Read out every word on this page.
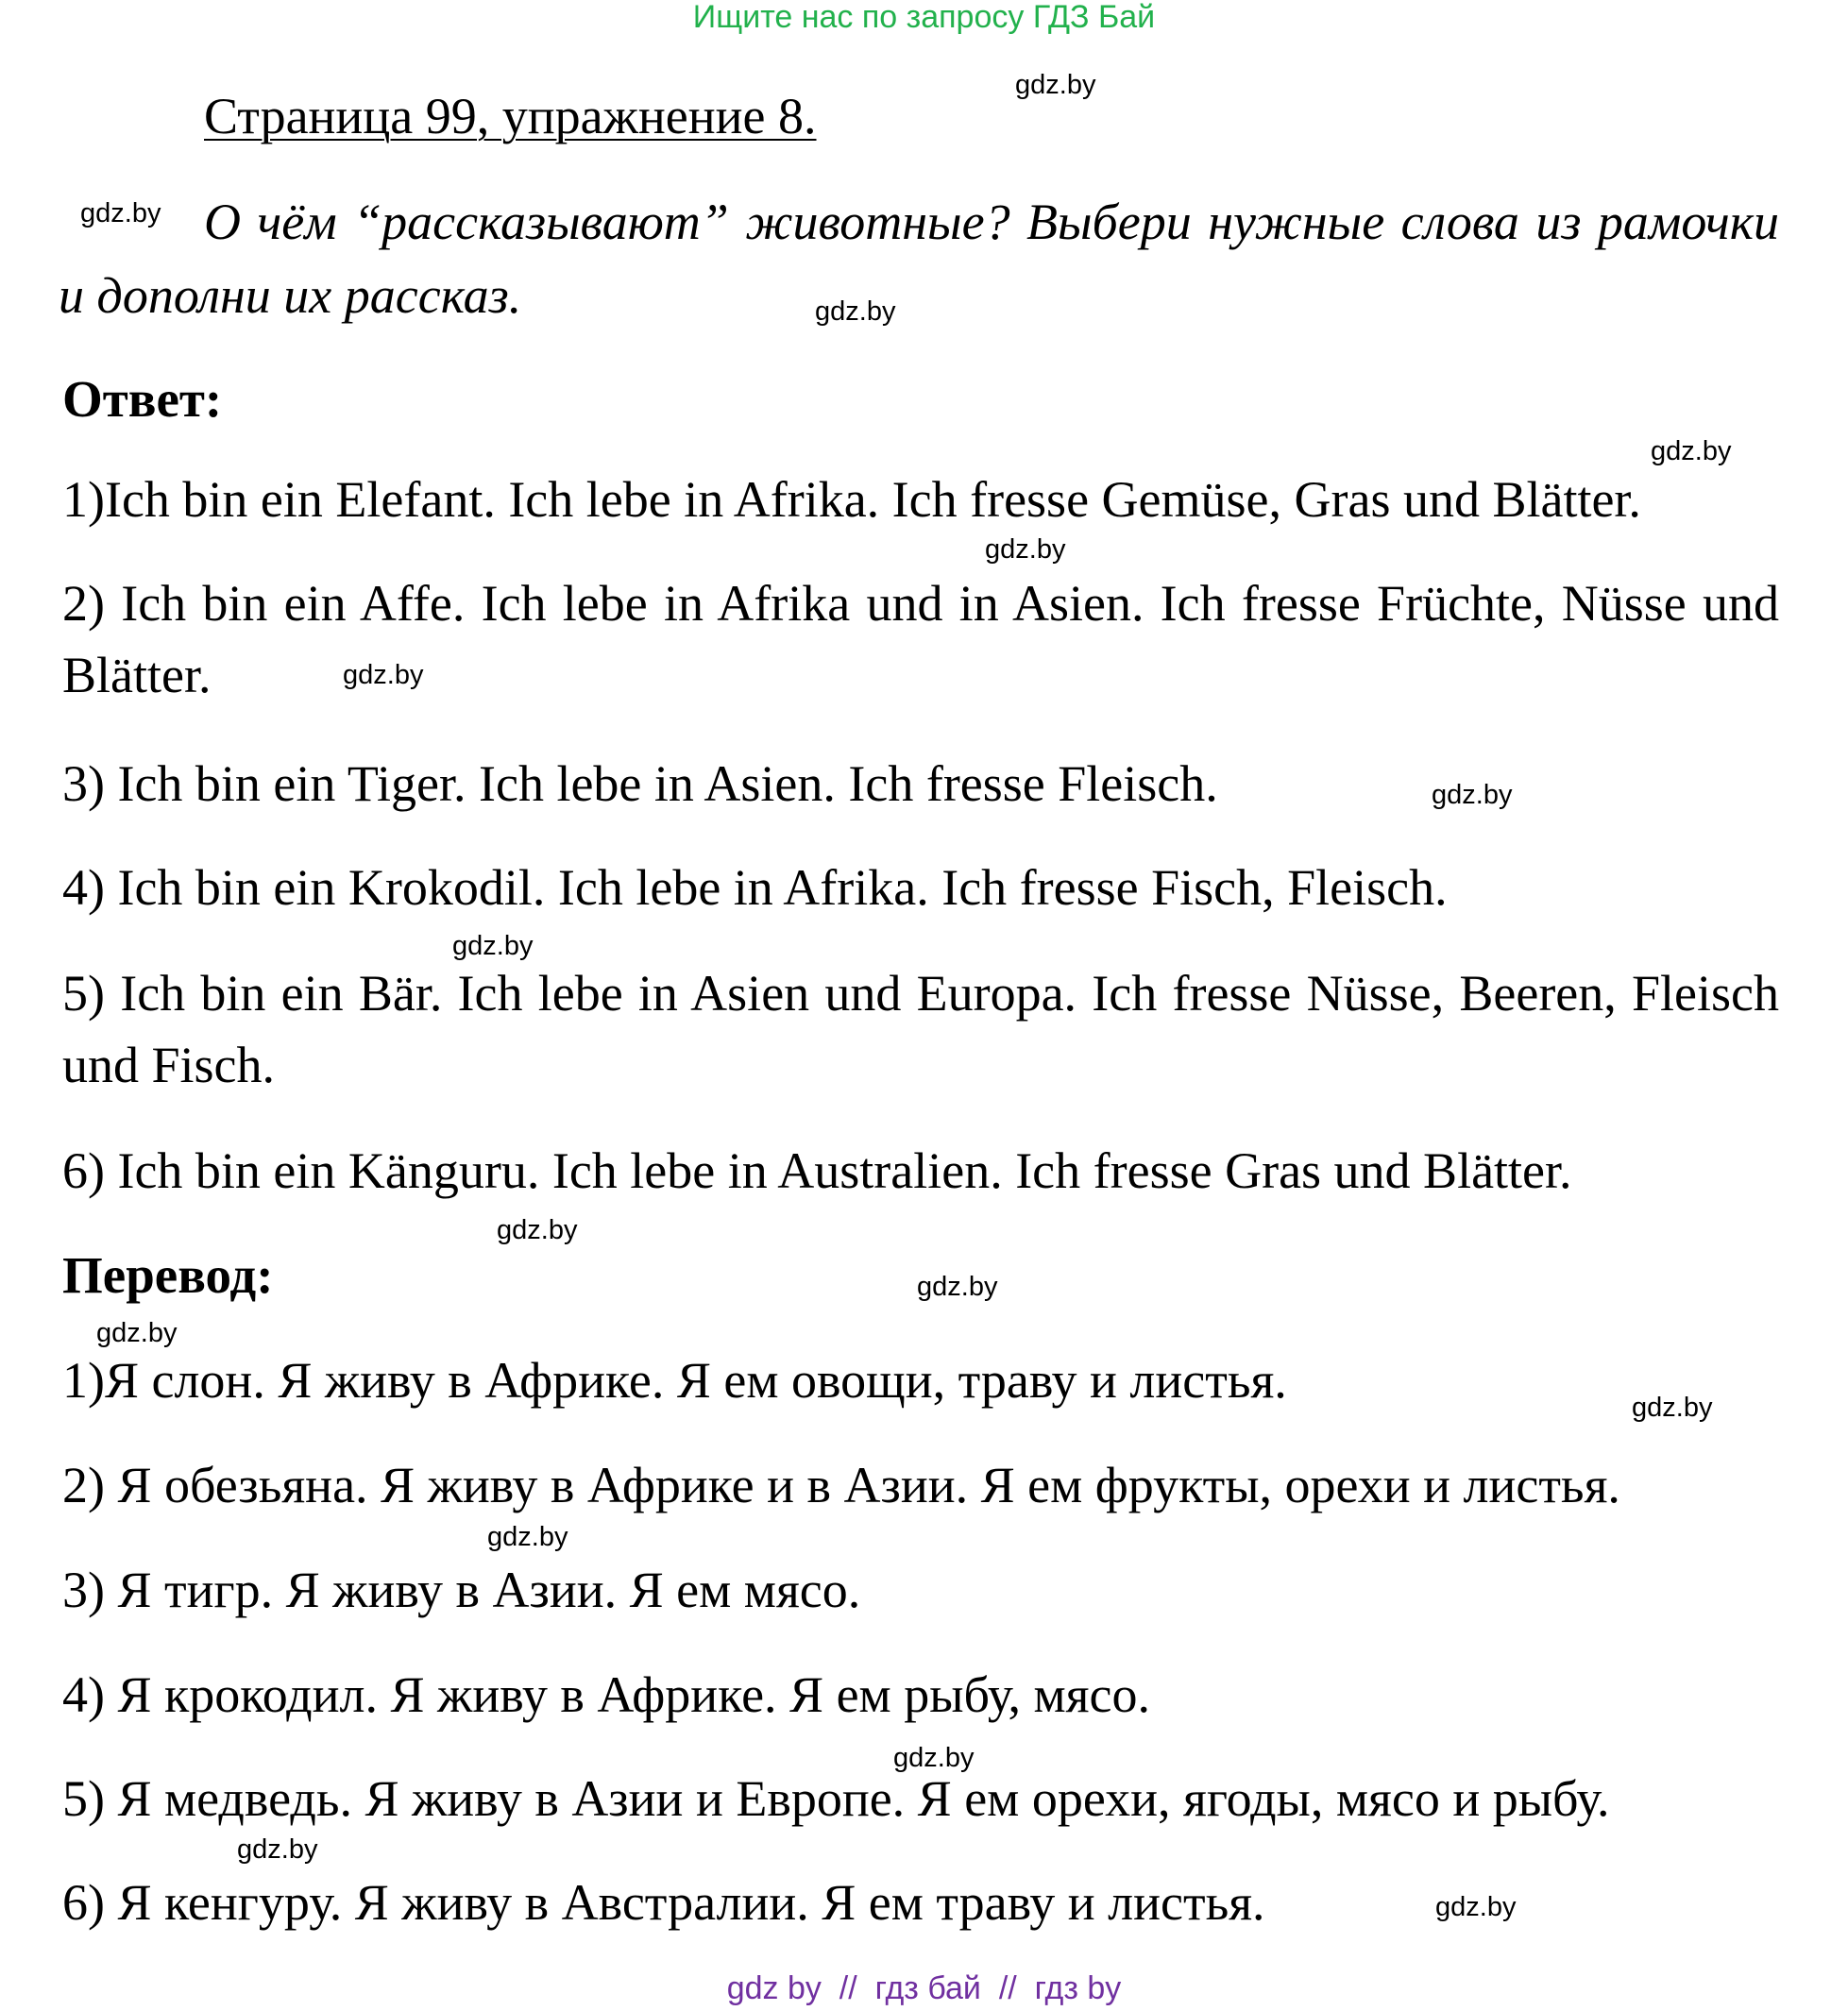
Ищите нас по запросу ГДЗ Бай
Страница 99, упражнение 8.
О чём “рассказывают” животные? Выбери нужные слова из рамочки и дополни их рассказ.
Ответ:
1)Ich bin ein Elefant. Ich lebe in Afrika. Ich fresse Gemüse, Gras und Blätter.
2) Ich bin ein Affe. Ich lebe in Afrika und in Asien. Ich fresse Früchte, Nüsse und Blätter.
3) Ich bin ein Tiger. Ich lebe in Asien. Ich fresse Fleisch.
4) Ich bin ein Krokodil. Ich lebe in Afrika. Ich fresse Fisch, Fleisch.
5) Ich bin ein Bär. Ich lebe in Asien und Europa. Ich fresse Nüsse, Beeren, Fleisch und Fisch.
6) Ich bin ein Känguru. Ich lebe in Australien. Ich fresse Gras und Blätter.
Перевод:
1)Я слон. Я живу в Африке. Я ем овощи, траву и листья.
2) Я обезьяна. Я живу в Африке и в Азии. Я ем фрукты, орехи и листья.
3) Я тигр. Я живу в Азии. Я ем мясо.
4) Я крокодил. Я живу в Африке. Я ем рыбу, мясо.
5) Я медведь. Я живу в Азии и Европе. Я ем орехи, ягоды, мясо и рыбу.
6) Я кенгуру. Я живу в Австралии. Я ем траву и листья.
gdz.by
gdz.by
gdz.by
gdz.by
gdz.by
gdz.by
gdz.by
gdz.by
gdz.by
gdz.by
gdz.by
gdz.by
gdz.by
gdz.by
gdz.by
gdz.by
gdz by  //  гдз бай  //  гдз by
